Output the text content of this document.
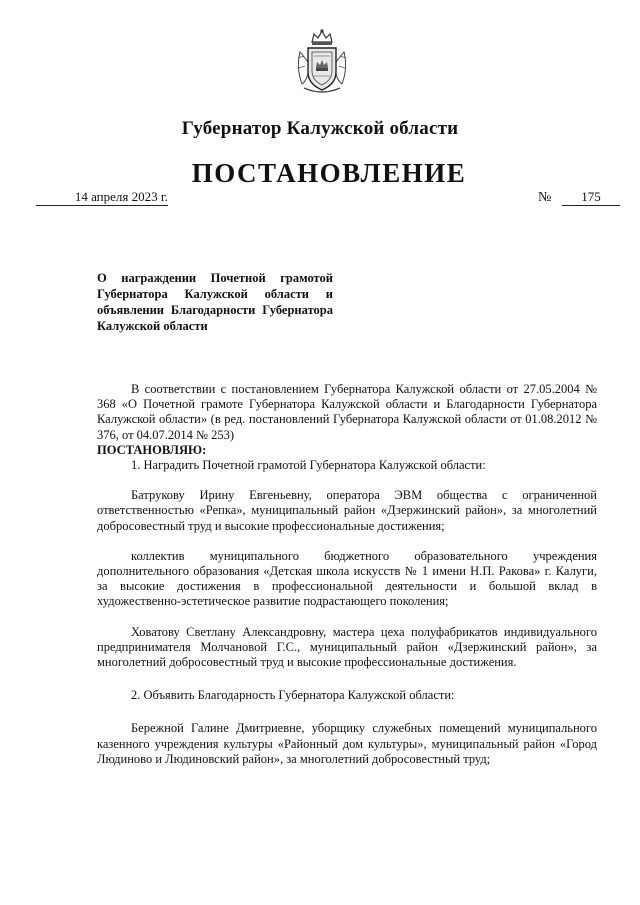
Губернатор Калужской области
ПОСТАНОВЛЕНИЕ
14 апреля 2023 г.	№	175
О награждении Почетной грамотой Губернатора Калужской области и объявлении Благодарности Губернатора Калужской области

В соответствии с постановлением Губернатора Калужской области от 27.05.2004 № 368 «О Почетной грамоте Губернатора Калужской области и Благодарности Губернатора Калужской области» (в ред. постановлений Губернатора Калужской области от 01.08.2012 № 376, от 04.07.2014 № 253)

ПОСТАНОВЛЯЮ:

1. Наградить Почетной грамотой Губернатора Калужской области:

Батрукову Ирину Евгеньевну, оператора ЭВМ общества с ограниченной ответственностью «Репка», муниципальный район «Дзержинский район», за многолетний добросовестный труд и высокие профессиональные достижения;

коллектив муниципального бюджетного образовательного учреждения дополнительного образования «Детская школа искусств № 1 имени Н.П. Ракова» г. Калуги, за высокие достижения в профессиональной деятельности и большой вклад в художественно-эстетическое развитие подрастающего поколения;

Ховатову Светлану Александровну, мастера цеха полуфабрикатов индивидуального предпринимателя Молчановой Г.С., муниципальный район «Дзержинский район», за многолетний добросовестный труд и высокие профессиональные достижения.

2. Объявить Благодарность Губернатора Калужской области:

Бережной Галине Дмитриевне, уборщику служебных помещений муниципального казенного учреждения культуры «Районный дом культуры», муниципальный район «Город Людиново и Людиновский район», за многолетний добросовестный труд;
